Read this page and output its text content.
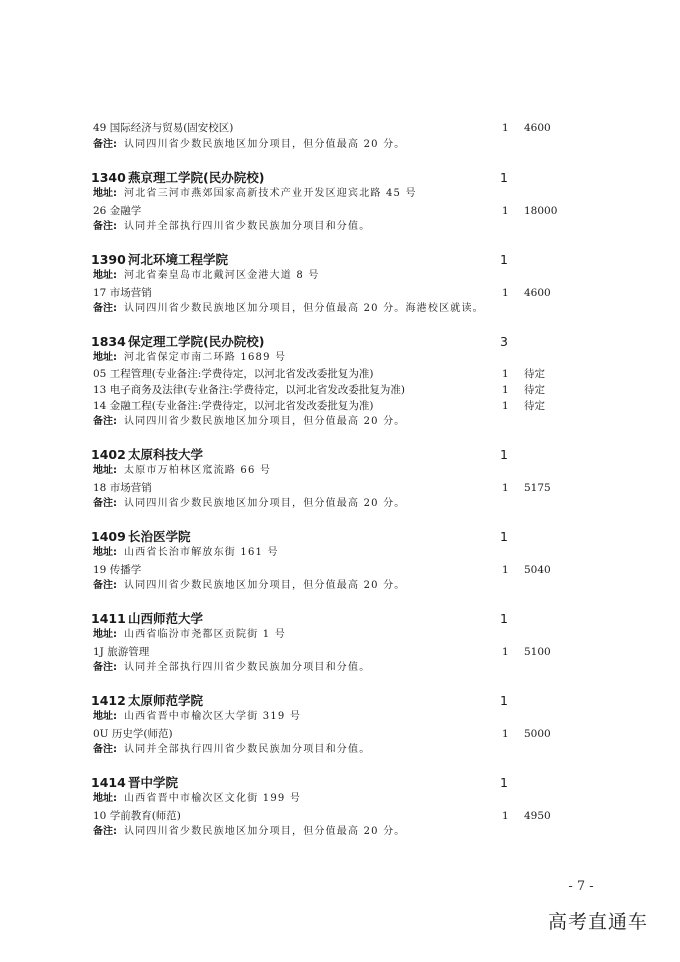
49 国际经济与贸易(固安校区)	1 4600
备注: 认同四川省少数民族地区加分项目，但分值最高 20 分。
1340 燕京理工学院(民办院校)	1
地址: 河北省三河市燕郊国家高新技术产业开发区迎宾北路 45 号
26 金融学	1 18000
备注: 认同并全部执行四川省少数民族加分项目和分值。
1390 河北环境工程学院	1
地址: 河北省秦皇岛市北戴河区金港大道 8 号
17 市场营销	1 4600
备注: 认同四川省少数民族地区加分项目，但分值最高 20 分。海港校区就读。
1834 保定理工学院(民办院校)	3
地址: 河北省保定市南二环路 1689 号
05 工程管理(专业备注:学费待定，以河北省发改委批复为准)	1 待定
13 电子商务及法律(专业备注:学费待定，以河北省发改委批复为准)	1 待定
14 金融工程(专业备注:学费待定，以河北省发改委批复为准)	1 待定
备注: 认同四川省少数民族地区加分项目，但分值最高 20 分。
1402 太原科技大学	1
地址: 太原市万柏林区窊流路 66 号
18 市场营销	1 5175
备注: 认同四川省少数民族地区加分项目，但分值最高 20 分。
1409 长治医学院	1
地址: 山西省长治市解放东街 161 号
19 传播学	1 5040
备注: 认同四川省少数民族地区加分项目，但分值最高 20 分。
1411 山西师范大学	1
地址: 山西省临汾市尧都区贡院街 1 号
1J 旅游管理	1 5100
备注: 认同并全部执行四川省少数民族加分项目和分值。
1412 太原师范学院	1
地址: 山西省晋中市榆次区大学街 319 号
0U 历史学(师范)	1 5000
备注: 认同并全部执行四川省少数民族加分项目和分值。
1414 晋中学院	1
地址: 山西省晋中市榆次区文化街 199 号
10 学前教育(师范)	1 4950
备注: 认同四川省少数民族地区加分项目，但分值最高 20 分。
- 7 -
高考直通车
